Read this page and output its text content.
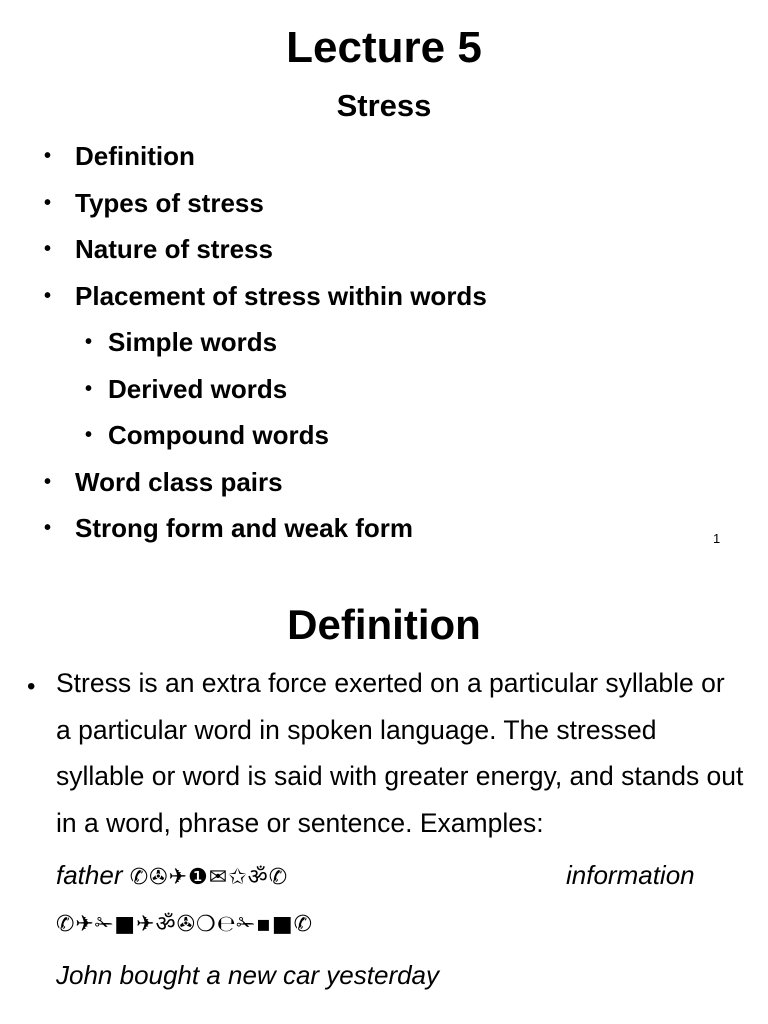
Lecture 5
Stress
• Definition
• Types of stress
• Nature of stress
• Placement of stress within words
• Simple words
• Derived words
• Compound words
• Word class pairs
• Strong form and weak form	1
Definition
• Stress is an extra force exerted on a particular syllable or a particular word in spoken language. The stressed syllable or word is said with greater energy, and stands out in a word, phrase or sentence. Examples:
father ✆✇✈❶✉✩ॐ✆	information
✆✈✁■✈ॐ✇❍℮✁▪■✆
John bought a new car yesterday
